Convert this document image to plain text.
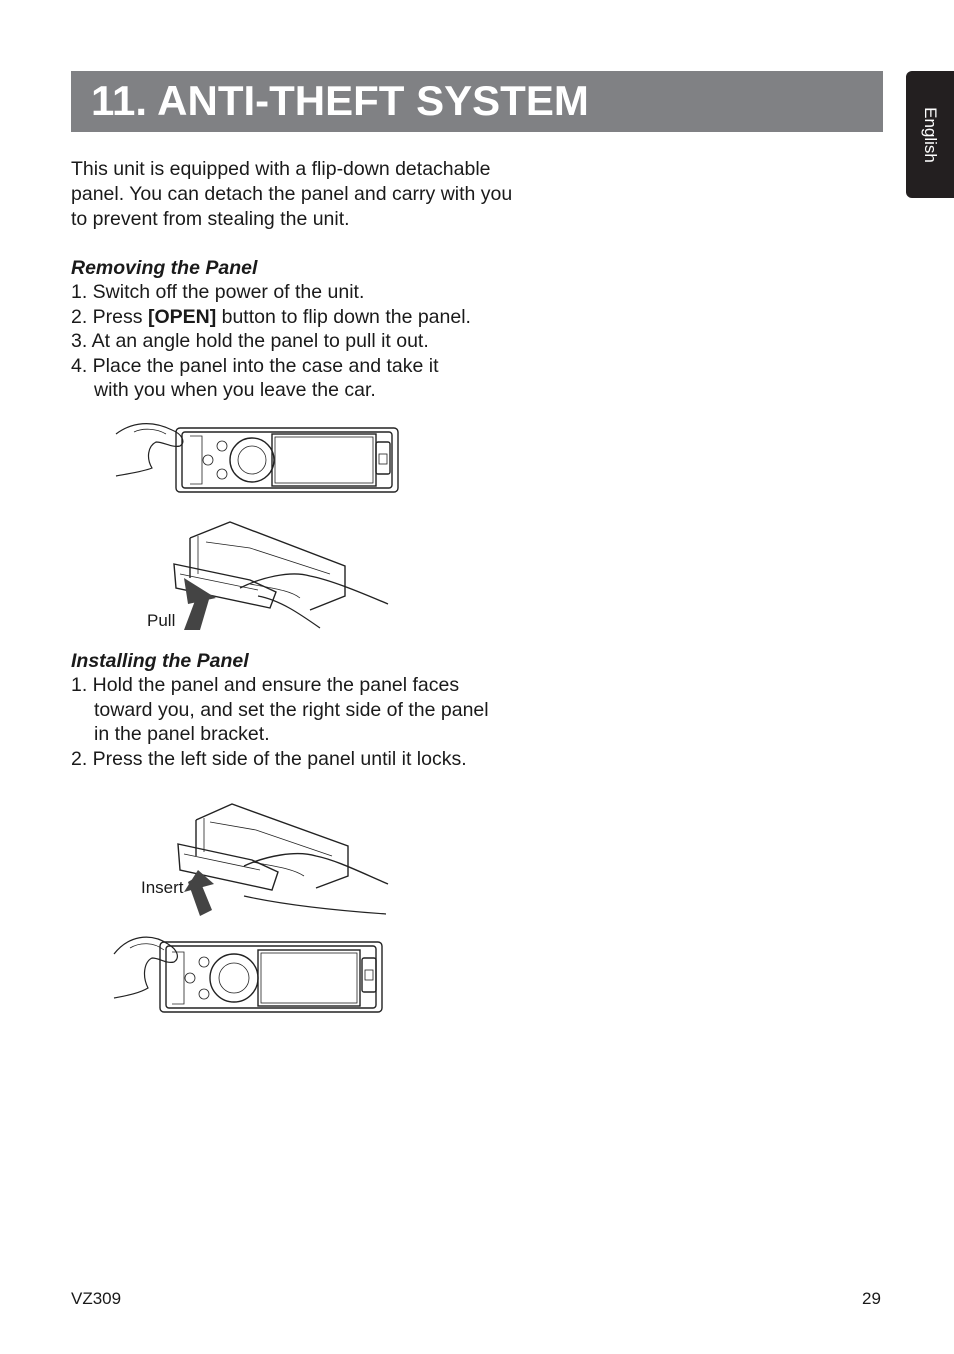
11. ANTI-THEFT SYSTEM
English
This unit is equipped with a flip-down detachable
panel. You can detach the panel and carry with you
to prevent from stealing the unit.
Removing the Panel
1. Switch off the power of the unit.
2. Press [OPEN] button to flip down the panel.
3. At an angle hold the panel to pull it out.
4. Place the panel into the case and take it
with you when you leave the car.
Pull
Installing the Panel
1. Hold the panel and ensure the panel faces
toward you, and set the right side of the panel
in the panel bracket.
2. Press the left side of the panel until it locks.
Insert
VZ309	29
